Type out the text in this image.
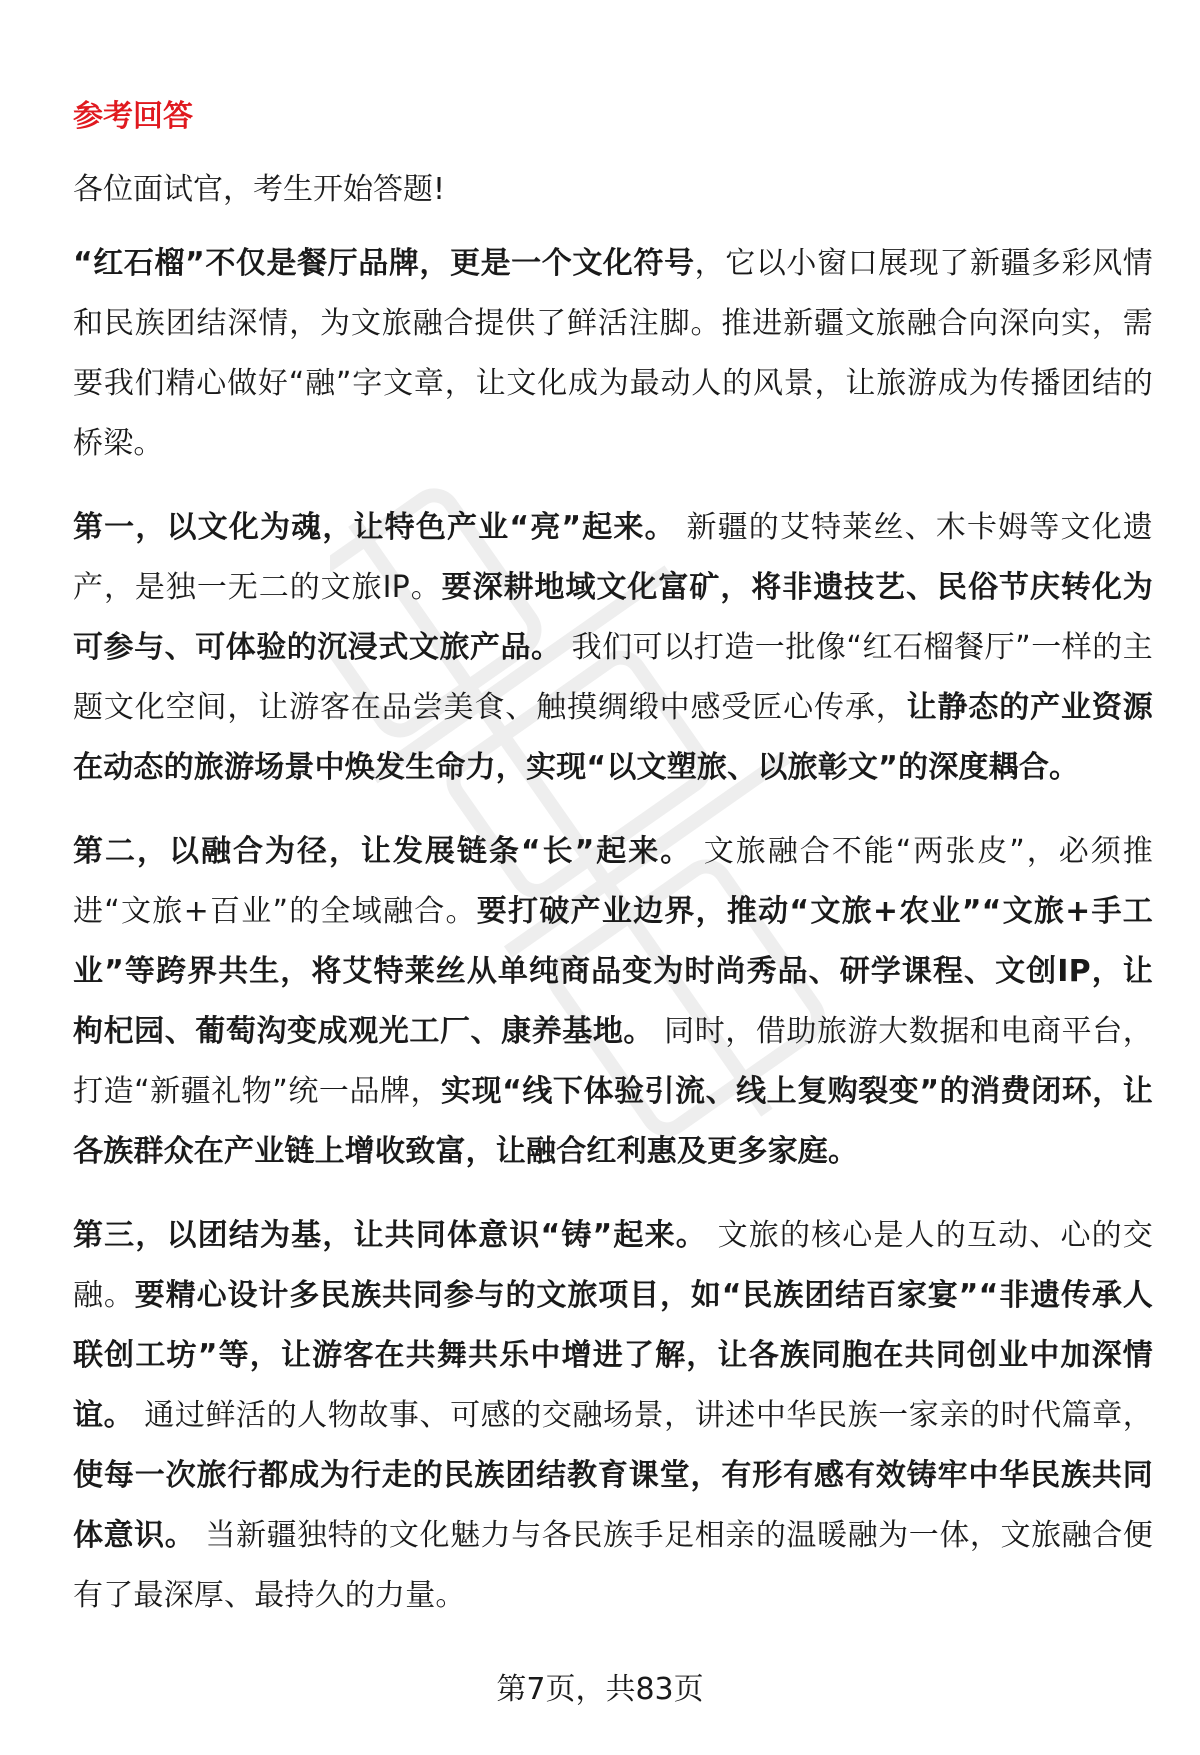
参考回答
各位面试官，考生开始答题!
“红石榴”不仅是餐厅品牌，更是一个文化符号，它以小窗口展现了新疆多彩风情和民族团结深情，为文旅融合提供了鲜活注脚。推进新疆文旅融合向深向实，需要我们精心做好“融”字文章，让文化成为最动人的风景，让旅游成为传播团结的桥梁。
第一，以文化为魂，让特色产业“亮”起来。 新疆的艾特莱丝、木卡姆等文化遗产，是独一无二的文旅IP。要深耕地域文化富矿，将非遗技艺、民俗节庆转化为可参与、可体验的沉浸式文旅产品。 我们可以打造一批像“红石榴餐厅”一样的主题文化空间，让游客在品尝美食、触摸绸缎中感受匠心传承，让静态的产业资源在动态的旅游场景中焕发生命力，实现“以文塑旅、以旅彰文”的深度耦合。
第二，以融合为径，让发展链条“长”起来。 文旅融合不能“两张皮”，必须推进“文旅+百业”的全域融合。要打破产业边界，推动“文旅+农业”“文旅+手工业”等跨界共生，将艾特莱丝从单纯商品变为时尚秀品、研学课程、文创IP，让枸杞园、葡萄沟变成观光工厂、康养基地。 同时，借助旅游大数据和电商平台，打造“新疆礼物”统一品牌，实现“线下体验引流、线上复购裂变”的消费闭环，让各族群众在产业链上增收致富，让融合红利惠及更多家庭。
第三，以团结为基，让共同体意识“铸”起来。 文旅的核心是人的互动、心的交融。要精心设计多民族共同参与的文旅项目，如“民族团结百家宴”“非遗传承人联创工坊”等，让游客在共舞共乐中增进了解，让各族同胞在共同创业中加深情谊。 通过鲜活的人物故事、可感的交融场景，讲述中华民族一家亲的时代篇章，使每一次旅行都成为行走的民族团结教育课堂，有形有感有效铸牢中华民族共同体意识。 当新疆独特的文化魅力与各民族手足相亲的温暖融为一体，文旅融合便有了最深厚、最持久的力量。
第7页，共83页
